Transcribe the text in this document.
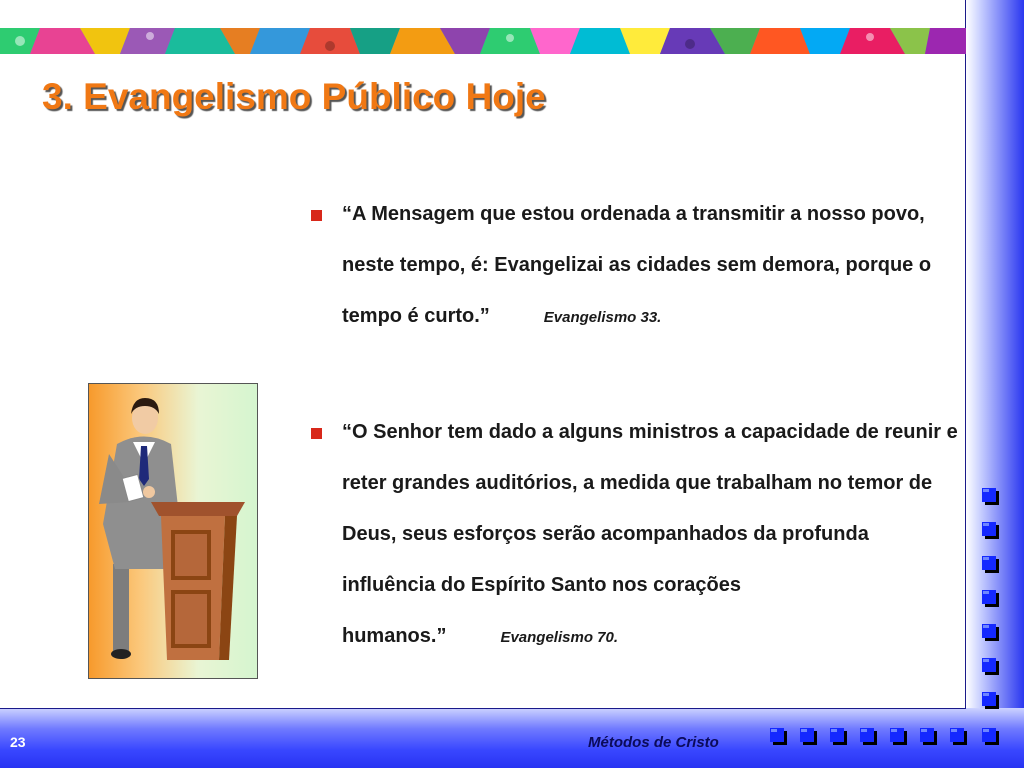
3. Evangelismo Público Hoje
“A Mensagem que estou ordenada a transmitir a nosso povo, neste tempo, é: Evangelizai as cidades sem demora, porque o tempo é curto.”	Evangelismo 33.
“O Senhor tem dado a alguns ministros a capacidade de reunir e reter grandes auditórios, a medida que trabalham no temor de Deus, seus esforços serão acompanhados da profunda influência do Espírito Santo nos corações humanos.”	Evangelismo 70.
23	Métodos de Cristo
